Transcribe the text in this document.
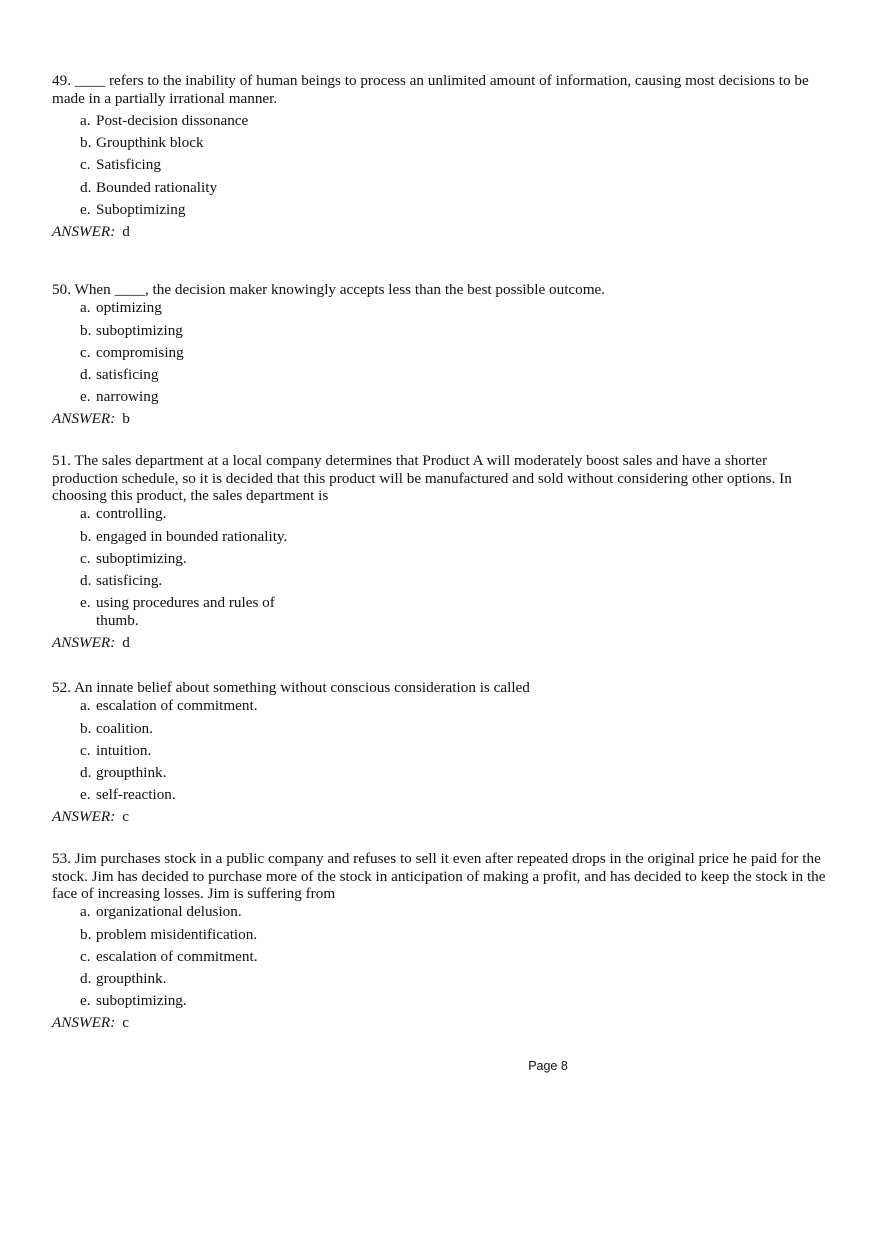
49. ____ refers to the inability of human beings to process an unlimited amount of information, causing most decisions to be made in a partially irrational manner.

a. Post-decision dissonance
b. Groupthink block
c. Satisficing
d. Bounded rationality
e. Suboptimizing
ANSWER: d

50. When ____, the decision maker knowingly accepts less than the best possible outcome.

a. optimizing
b. suboptimizing
c. compromising
d. satisficing
e. narrowing
ANSWER: b

51. The sales department at a local company determines that Product A will moderately boost sales and have a shorter production schedule, so it is decided that this product will be manufactured and sold without considering other options. In choosing this product, the sales department is

a. controlling.
b. engaged in bounded rationality.
c. suboptimizing.
d. satisficing.
e. using procedures and rules of thumb.
ANSWER: d

52. An innate belief about something without conscious consideration is called

a. escalation of commitment.
b. coalition.
c. intuition.
d. groupthink.
e. self-reaction.
ANSWER: c

53. Jim purchases stock in a public company and refuses to sell it even after repeated drops in the original price he paid for the stock. Jim has decided to purchase more of the stock in anticipation of making a profit, and has decided to keep the stock in the face of increasing losses. Jim is suffering from

a. organizational delusion.
b. problem misidentification.
c. escalation of commitment.
d. groupthink.
e. suboptimizing.
ANSWER: c
Page 8
